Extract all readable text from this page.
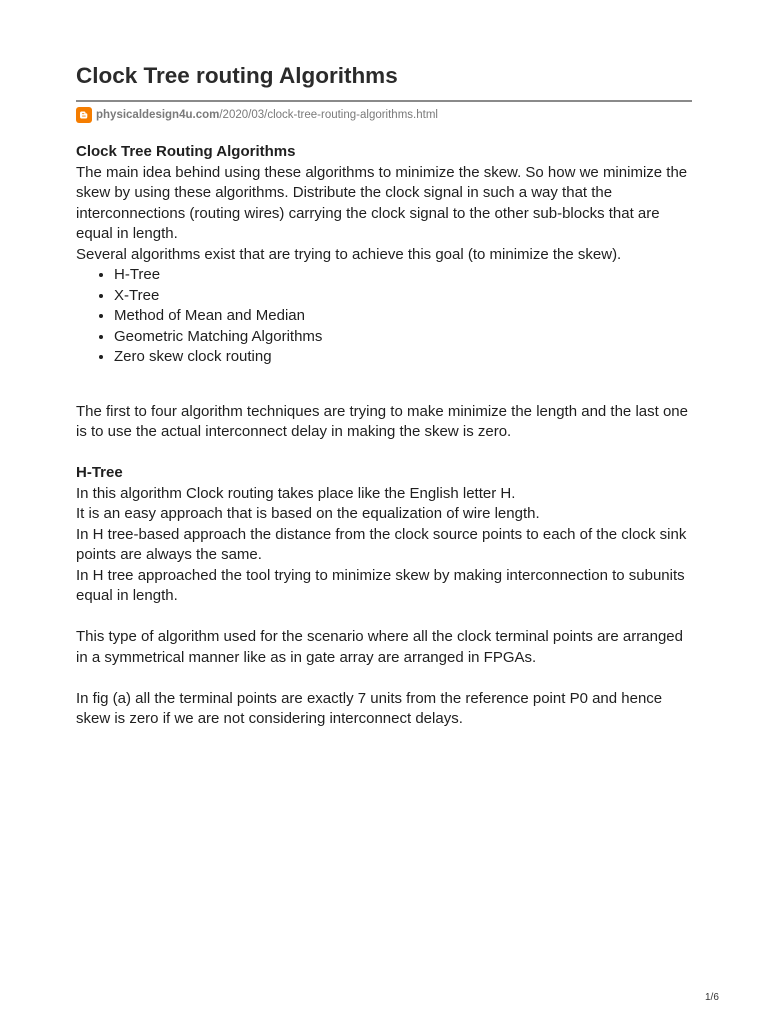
Clock Tree routing Algorithms
physicaldesign4u.com /2020/03/clock-tree-routing-algorithms.html

Clock Tree Routing Algorithms

The main idea behind using these algorithms to minimize the skew. So how we minimize the skew by using these algorithms. Distribute the clock signal in such a way that the interconnections (routing wires) carrying the clock signal to the other sub-blocks that are equal in length.

Several algorithms exist that are trying to achieve this goal (to minimize the skew).

• H-Tree
• X-Tree
• Method of Mean and Median
• Geometric Matching Algorithms
• Zero skew clock routing

The first to four algorithm techniques are trying to make minimize the length and the last one is to use the actual interconnect delay in making the skew is zero.

H-Tree

In this algorithm Clock routing takes place like the English letter H.

It is an easy approach that is based on the equalization of wire length.

In H tree-based approach the distance from the clock source points to each of the clock sink points are always the same.

In H tree approached the tool trying to minimize skew by making interconnection to subunits equal in length.

This type of algorithm used for the scenario where all the clock terminal points are arranged in a symmetrical manner like as in gate array are arranged in FPGAs.

In fig (a) all the terminal points are exactly 7 units from the reference point P0 and hence skew is zero if we are not considering interconnect delays.

1/6
